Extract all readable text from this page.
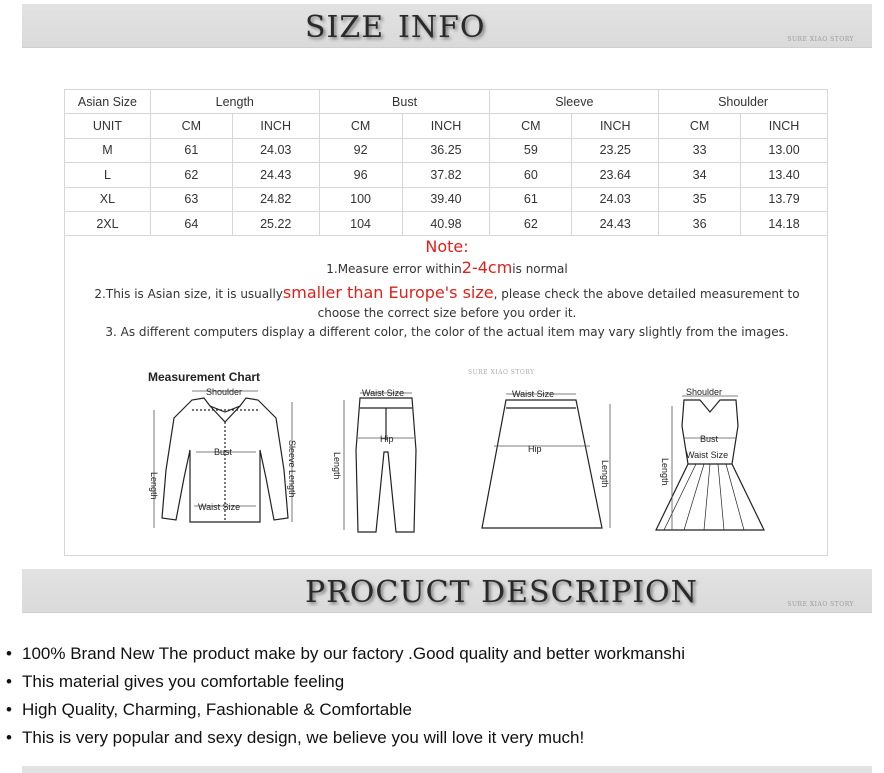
SIZE INFO	SURE XIAO STORY
Asian Size	Length		Bust		Sleeve		Shoulder	
UNIT	CM	INCH	CM	INCH	CM	INCH	CM	INCH
M	61	24.03	92	36.25	59	23.25	33	13.00
L	62	24.43	96	37.82	60	23.64	34	13.40
XL	63	24.82	100	39.40	61	24.03	35	13.79
2XL	64	25.22	104	40.98	62	24.43	36	14.18
Note:
1.Measure error within2-4cmis normal
2.This is Asian size, it is usuallysmaller than Europe's size, please check the above detailed measurement to
choose the correct size before you order it.
3. As different computers display a different color, the color of the actual item may vary slightly from the images.
Measurement Chart	SURE XIAO STORY
Shoulder
Bust
Waist Size
Length	Sleeve Length
Waist Size
Hip
Length
Waist Size
Hip
Length
Shoulder
Bust
Waist Size
Length
PROCUCT DESCRIPION	SURE XIAO STORY
• 100% Brand New The product make by our factory .Good quality and better workmanshi
• This material gives you comfortable feeling
• High Quality, Charming, Fashionable & Comfortable
• This is very popular and sexy design, we believe you will love it very much!
